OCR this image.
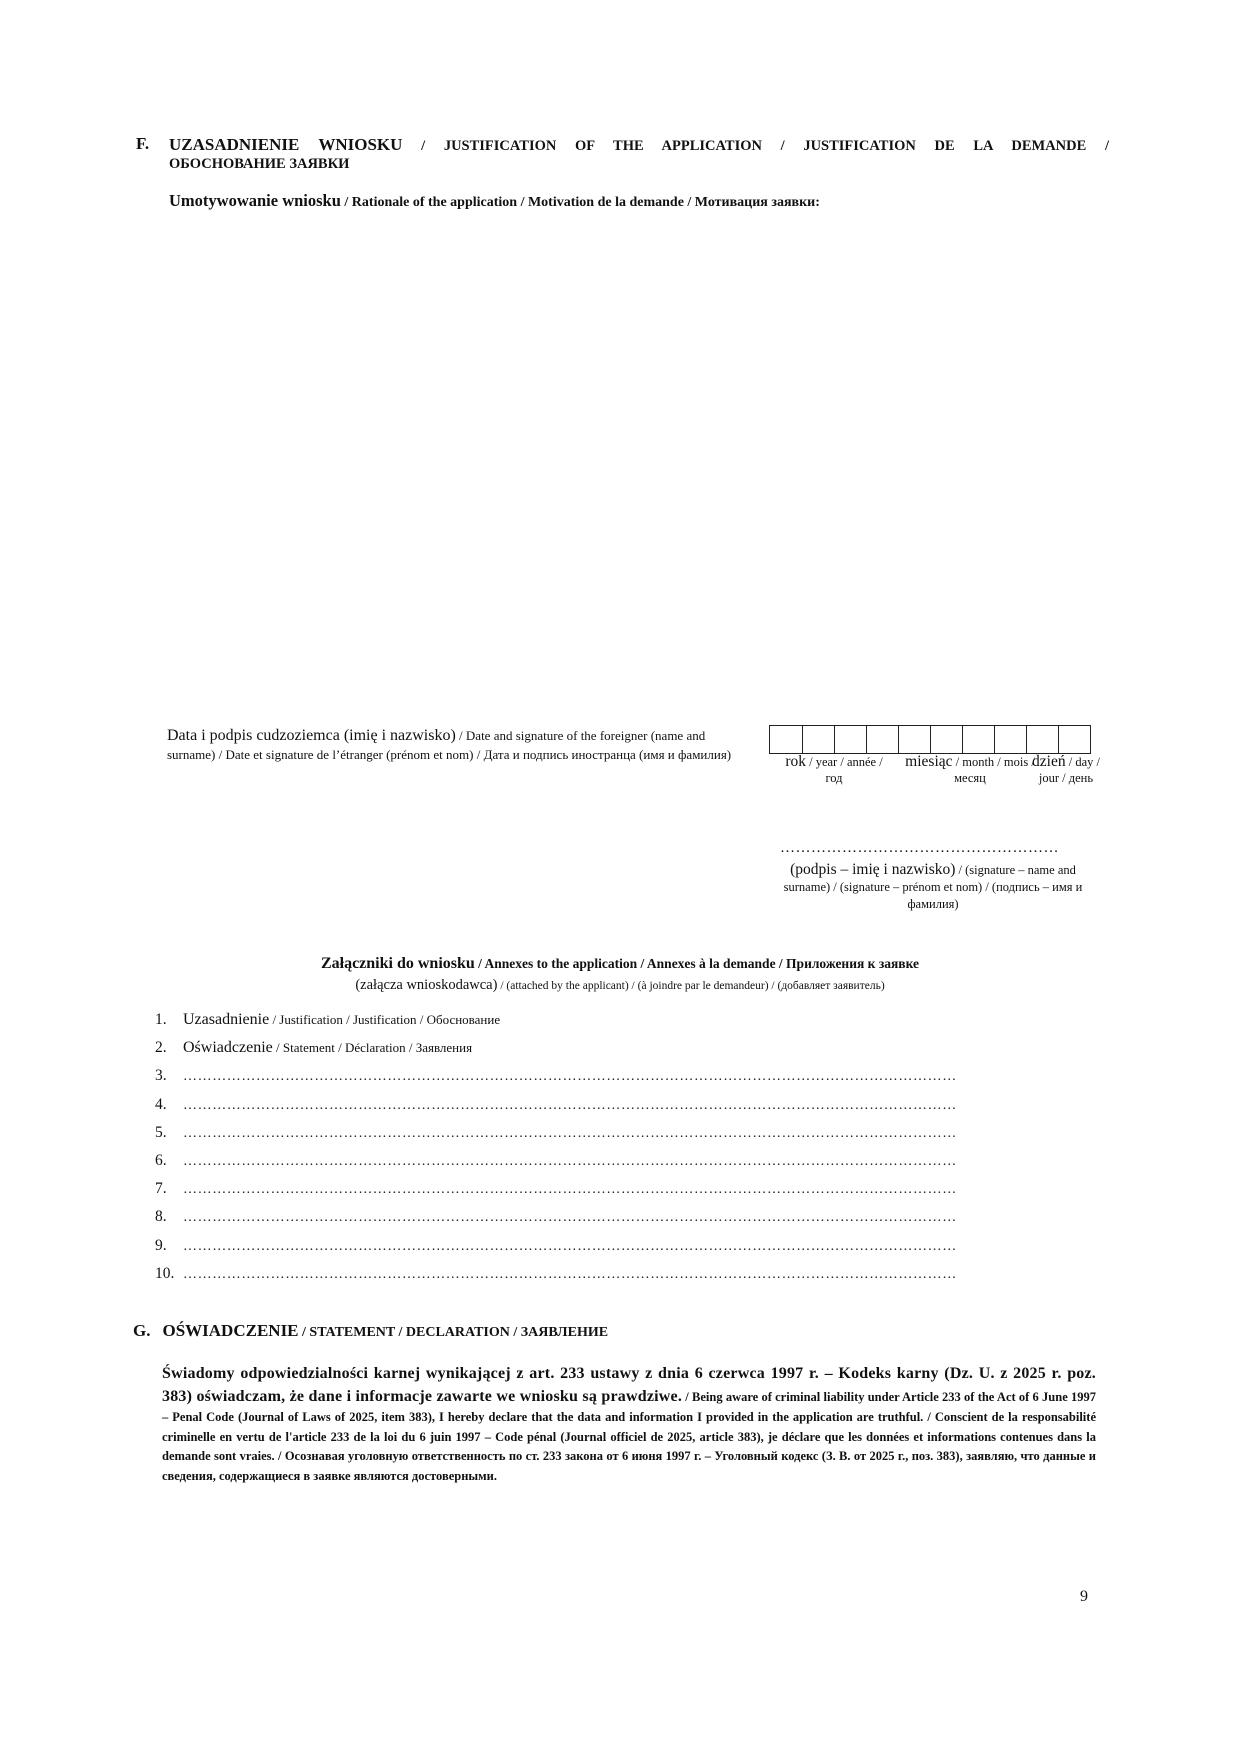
F. UZASADNIENIE WNIOSKU / JUSTIFICATION OF THE APPLICATION / JUSTIFICATION DE LA DEMANDE /
ОБОСНОВАНИЕ ЗАЯВКИ
Umotywowanie wniosku / Rationale of the application / Motivation de la demande / Мотивация заявки:
Data i podpis cudzoziemca (imię i nazwisko) / Date and signature of the foreigner (name and surname) / Date et signature de l’étranger (prénom et nom) / Дата и подпись иностранца (имя и фамилия)	rok / year / année / год
miesiąc / month / mois / месяц
dzień / day / jour / день
………………………………………………
(podpis – imię i nazwisko) / (signature – name and surname) / (signature – prénom et nom) / (подпись – имя и фамилия)
Załączniki do wniosku / Annexes to the application / Annexes à la demande / Приложения к заявке
(załącza wnioskodawca) / (attached by the applicant) / (à joindre par le demandeur) / (добавляет заявитель)
1.	Uzasadnienie / Justification / Justification / Обоснование
2.	Oświadczenie / Statement / Déclaration / Заявления
3.	……………………………………………………………………………………………………………………………………………
4.	……………………………………………………………………………………………………………………………………………
5.	……………………………………………………………………………………………………………………………………………
6.	……………………………………………………………………………………………………………………………………………
7.	……………………………………………………………………………………………………………………………………………
8.	……………………………………………………………………………………………………………………………………………
9.	……………………………………………………………………………………………………………………………………………
10. ……………………………………………………………………………………………………………………………………………
G. OŚWIADCZENIE / STATEMENT / DECLARATION / ЗАЯВЛЕНИЕ
Świadomy odpowiedzialności karnej wynikającej z art. 233 ustawy z dnia 6 czerwca 1997 r. – Kodeks karny (Dz. U. z 2025 r. poz. 383) oświadczam, że dane i informacje zawarte we wniosku są prawdziwe. / Being aware of criminal liability under Article 233 of the Act of 6 June 1997 – Penal Code (Journal of Laws of 2025, item 383), I hereby declare that the data and information I provided in the application are truthful. / Conscient de la responsabilité criminelle en vertu de l'article 233 de la loi du 6 juin 1997 – Code pénal (Journal officiel de 2025, article 383), je déclare que les données et informations contenues dans la demande sont vraies. / Осознавая уголовную ответственность по ст. 233 закона от 6 июня 1997 г. – Уголовный кодекс (З. В. от 2025 г., поз. 383), заявляю, что данные и сведения, содержащиеся в заявке являются достоверными.
9
